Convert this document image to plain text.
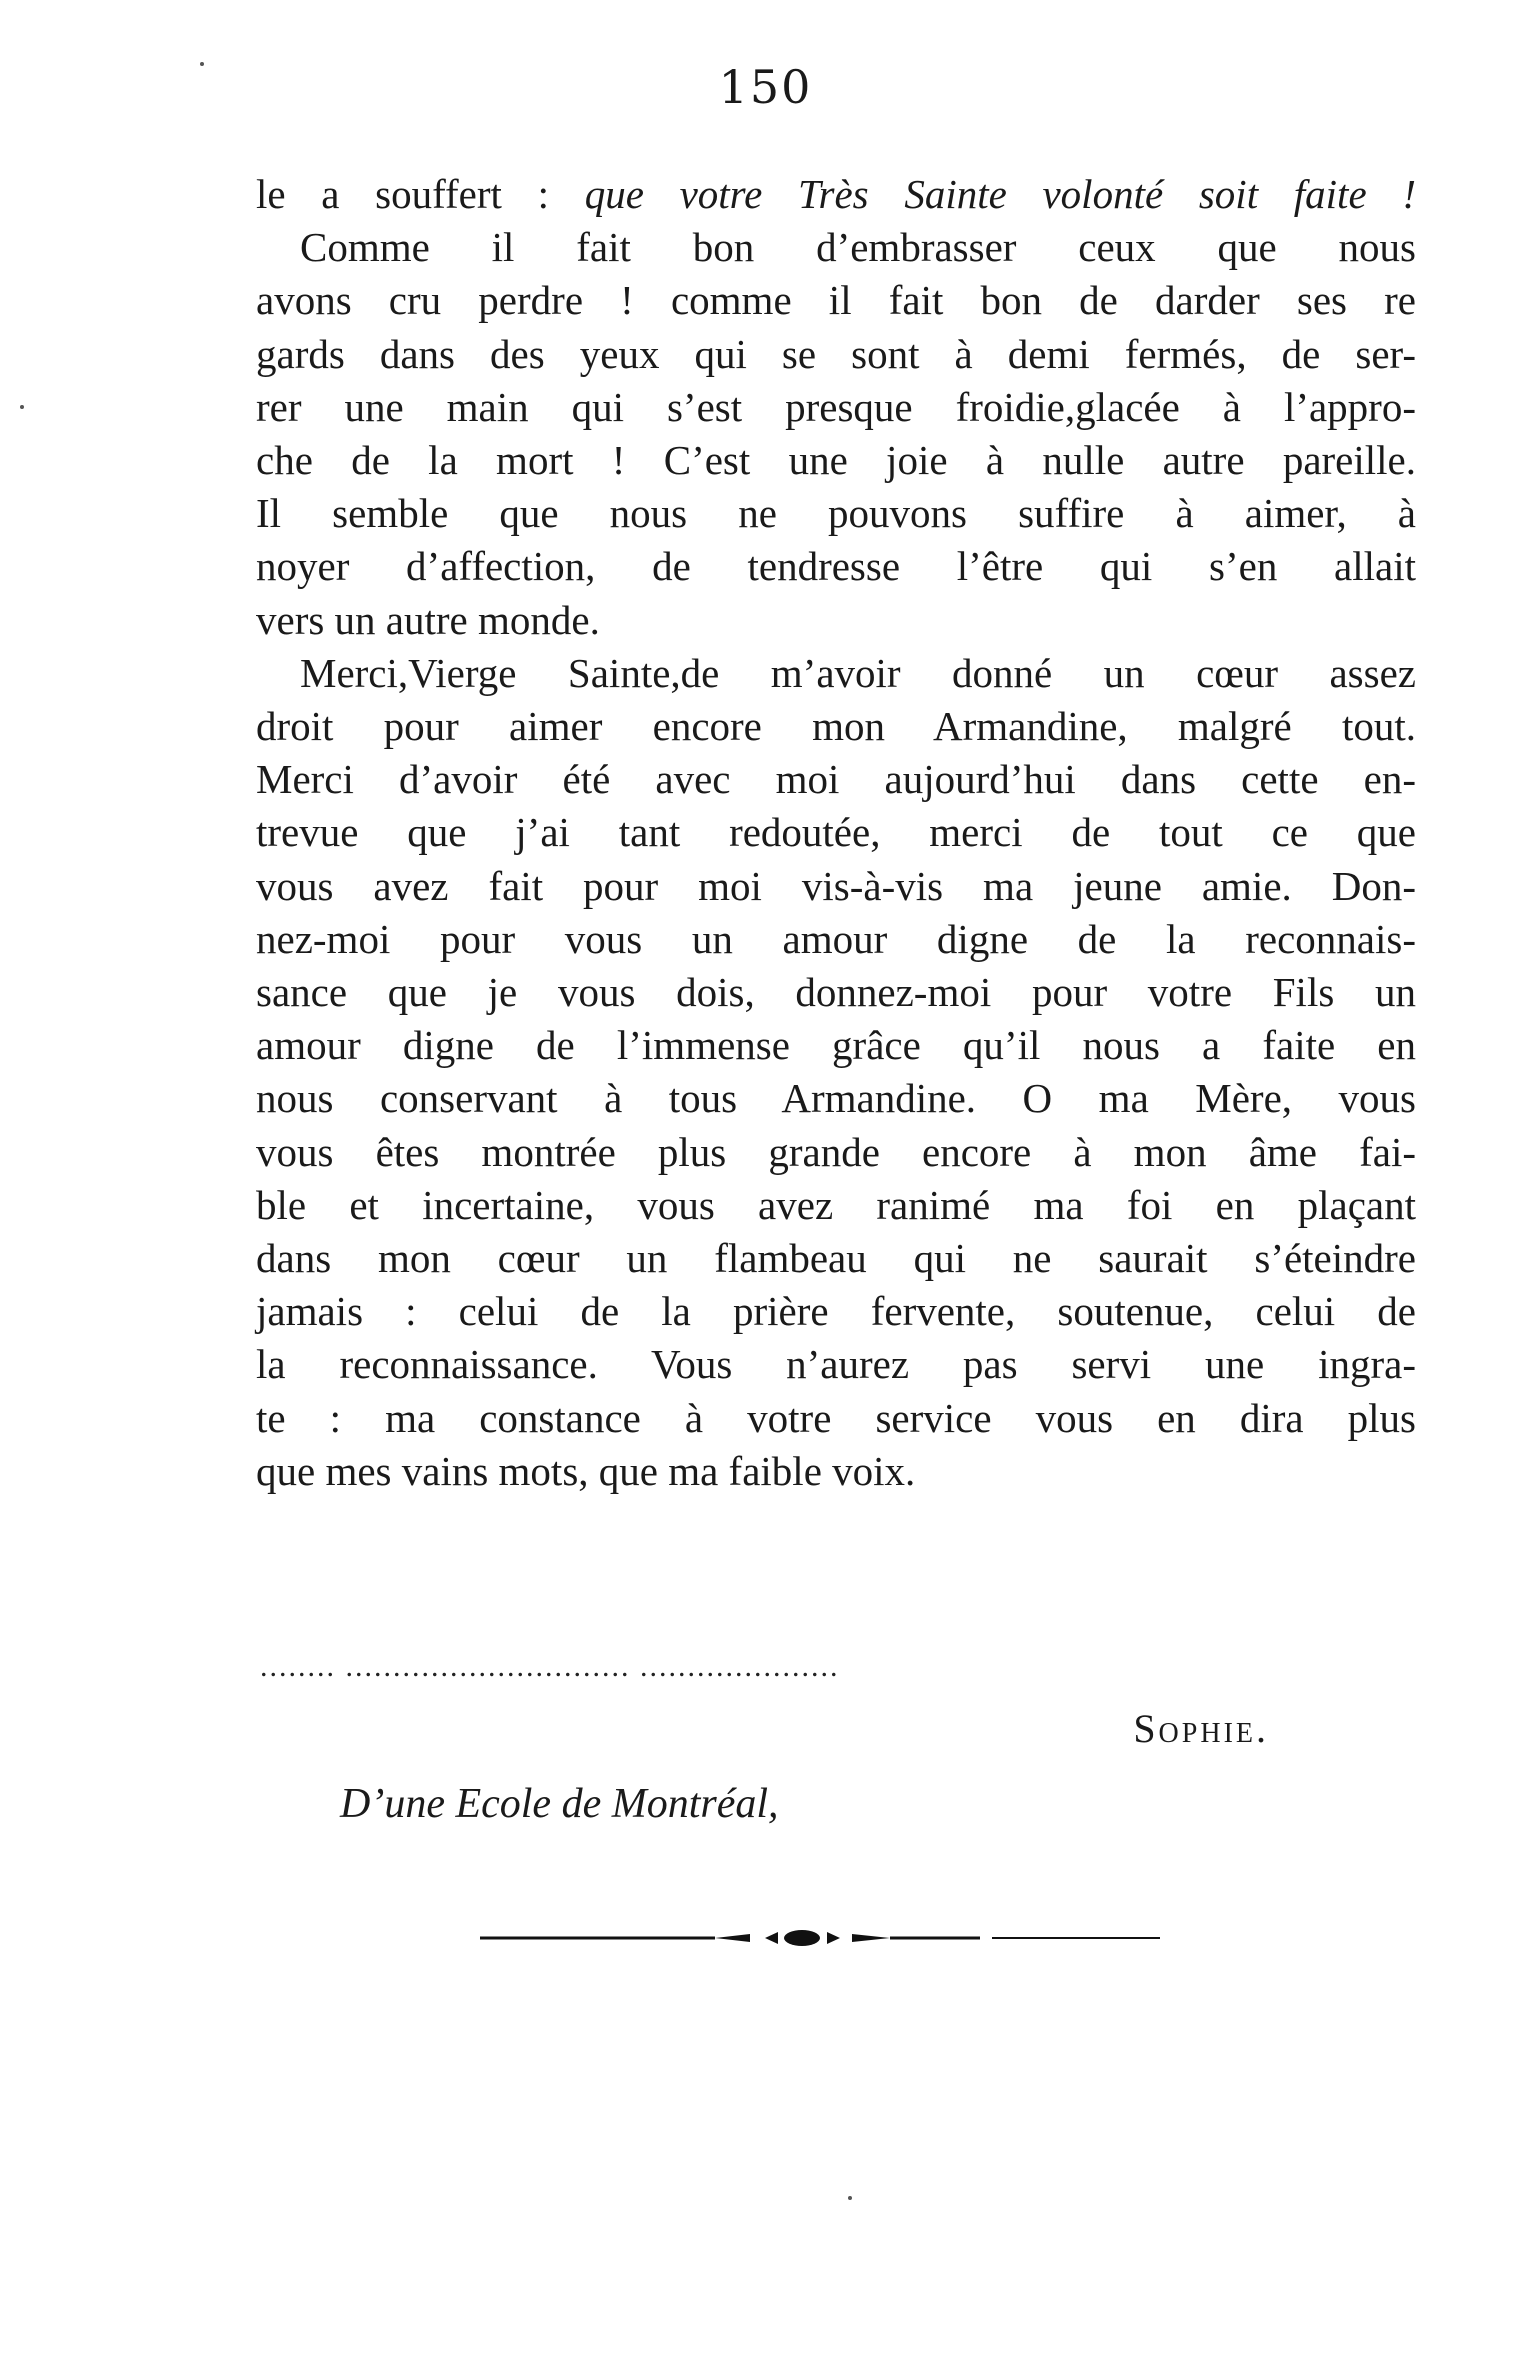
150
le a souffert : que votre Très Sainte volonté soit faite !
Comme il fait bon d’embrasser ceux que nous
avons cru perdre ! comme il fait bon de darder ses re
gards dans des yeux qui se sont à demi fermés, de ser-
rer une main qui s’est presque froidie,glacée à l’appro-
che de la mort ! C’est une joie à nulle autre pareille.
Il semble que nous ne pouvons suffire à aimer, à
noyer d’affection, de tendresse l’être qui s’en allait
vers un autre monde.
Merci,Vierge Sainte,de m’avoir donné un cœur assez
droit pour aimer encore mon Armandine, malgré tout.
Merci d’avoir été avec moi aujourd’hui dans cette en-
trevue que j’ai tant redoutée, merci de tout ce que
vous avez fait pour moi vis-à-vis ma jeune amie. Don-
nez-moi pour vous un amour digne de la reconnais-
sance que je vous dois, donnez-moi pour votre Fils un
amour digne de l’immense grâce qu’il nous a faite en
nous conservant à tous Armandine. O ma Mère, vous
vous êtes montrée plus grande encore à mon âme fai-
ble et incertaine, vous avez ranimé ma foi en plaçant
dans mon cœur un flambeau qui ne saurait s’éteindre
jamais : celui de la prière fervente, soutenue, celui de
la reconnaissance. Vous n’aurez pas servi une ingra-
te : ma constance à votre service vous en dira plus
que mes vains mots, que ma faible voix.
........ .............................. .....................
Sophie.
D’une Ecole de Montréal,
